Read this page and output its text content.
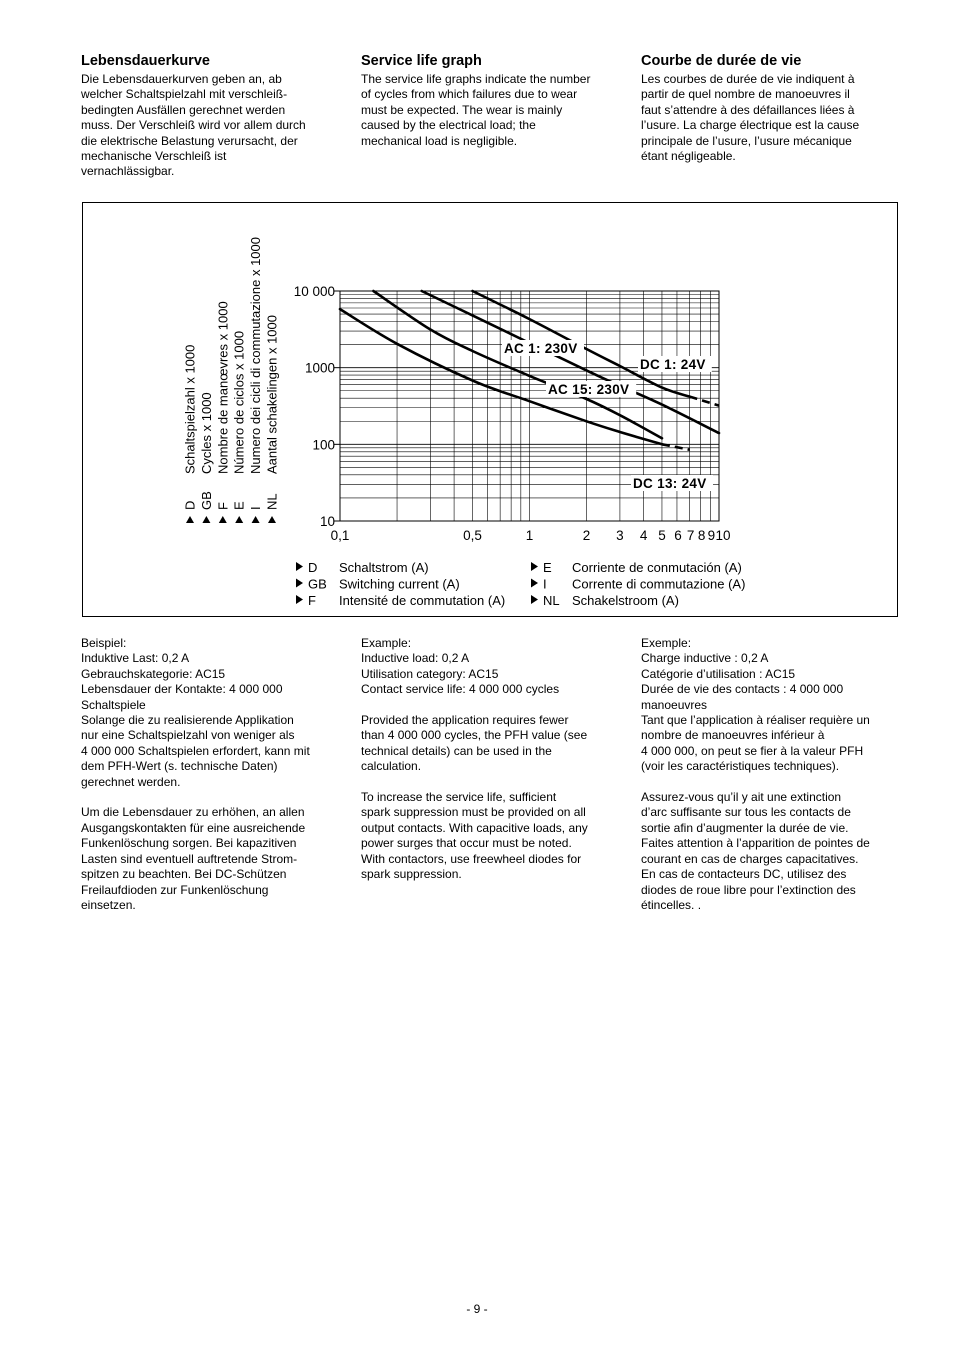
Lebensdauerkurve

Die Lebensdauerkurven geben an, ab
welcher Schaltspielzahl mit verschleiß-
bedingten Ausfällen gerechnet werden
muss. Der Verschleiß wird vor allem durch
die elektrische Belastung verursacht, der
mechanische Verschleiß ist
vernachlässigbar.

Service life graph

The service life graphs indicate the number
of cycles from which failures due to wear
must be expected. The wear is mainly
caused by the electrical load; the
mechanical load is negligible.

Courbe de durée de vie

Les courbes de durée de vie indiquent à
partir de quel nombre de manoeuvres il
faut s’attendre à des défaillances liées à
l’usure. La charge électrique est la cause
principale de l’usure, l’usure mécanique
étant négligeable.

10
100
1000
10 000
0,1	0,5	1	2 3 4 5 6 7 8 9 10
AC 1: 230V
DC 1: 24V
AC 15: 230V
DC 13: 24V
D
Schaltspielzahl x 1000
GB
Cycles x 1000
F
Nombre de manœvres x 1000
E
Número de ciclos x 1000
I
Numero dei cicli di commutazione x 1000
NL
Aantal schakelingen x 1000
D Schaltstrom (A)
GB Switching current (A)
F Intensité de commutation (A)
E Corriente de conmutación (A)
I Corrente di commutazione (A)
NL Schakelstroom (A)

Beispiel:
Induktive Last: 0,2 A
Gebrauchskategorie: AC15
Lebensdauer der Kontakte: 4 000 000
Schaltspiele
Solange die zu realisierende Applikation
nur eine Schaltspielzahl von weniger als
4 000 000 Schaltspielen erfordert, kann mit
dem PFH-Wert (s. technische Daten)
gerechnet werden.

Um die Lebensdauer zu erhöhen, an allen
Ausgangskontakten für eine ausreichende
Funkenlöschung sorgen. Bei kapazitiven
Lasten sind eventuell auftretende Strom-
spitzen zu beachten. Bei DC-Schützen
Freilaufdioden zur Funkenlöschung
einsetzen.

Example:
Inductive load: 0,2 A
Utilisation category: AC15
Contact service life: 4 000 000 cycles

Provided the application requires fewer
than 4 000 000 cycles, the PFH value (see
technical details) can be used in the
calculation.

To increase the service life, sufficient
spark suppression must be provided on all
output contacts. With capacitive loads, any
power surges that occur must be noted.
With contactors, use freewheel diodes for
spark suppression.

Exemple:
Charge inductive : 0,2 A
Catégorie d’utilisation : AC15
Durée de vie des contacts : 4 000 000
manoeuvres
Tant que l’application à réaliser requière un
nombre de manoeuvres inférieur à
4 000 000, on peut se fier à la valeur PFH
(voir les caractéristiques techniques).

Assurez-vous qu’il y ait une extinction
d’arc suffisante sur tous les contacts de
sortie afin d’augmenter la durée de vie.
Faites attention à l’apparition de pointes de
courant en cas de charges capacitatives.
En cas de contacteurs DC, utilisez des
diodes de roue libre pour l’extinction des
étincelles. .

- 9 -
